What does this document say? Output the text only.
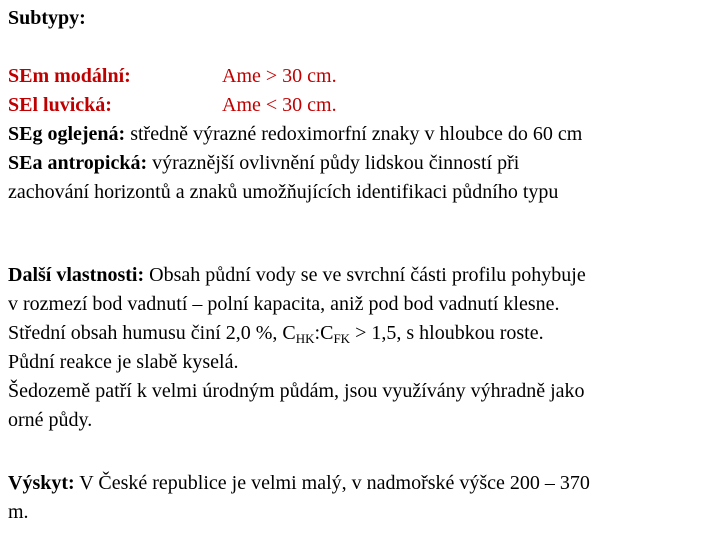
Subtypy:

SEm modální:	Ame > 30 cm.
SEl luvická:	Ame < 30 cm.
SEg oglejená: středně výrazné redoximorfní znaky v hloubce do 60 cm
SEa antropická: výraznější ovlivnění půdy lidskou činností při
zachování horizontů a znaků umožňujících identifikaci půdního typu
Další vlastnosti: Obsah půdní vody se ve svrchní části profilu pohybuje
v rozmezí bod vadnutí – polní kapacita, aniž pod bod vadnutí klesne.
Střední obsah humusu činí 2,0 %, $C_{HK}:C_{FK} > 1,5$, s hloubkou roste.
Půdní reakce je slabě kyselá.
Šedozemě patří k velmi úrodným půdám, jsou využívány výhradně jako
orné půdy.
Výskyt: V České republice je velmi malý, v nadmořské výšce 200 – 370
m.
